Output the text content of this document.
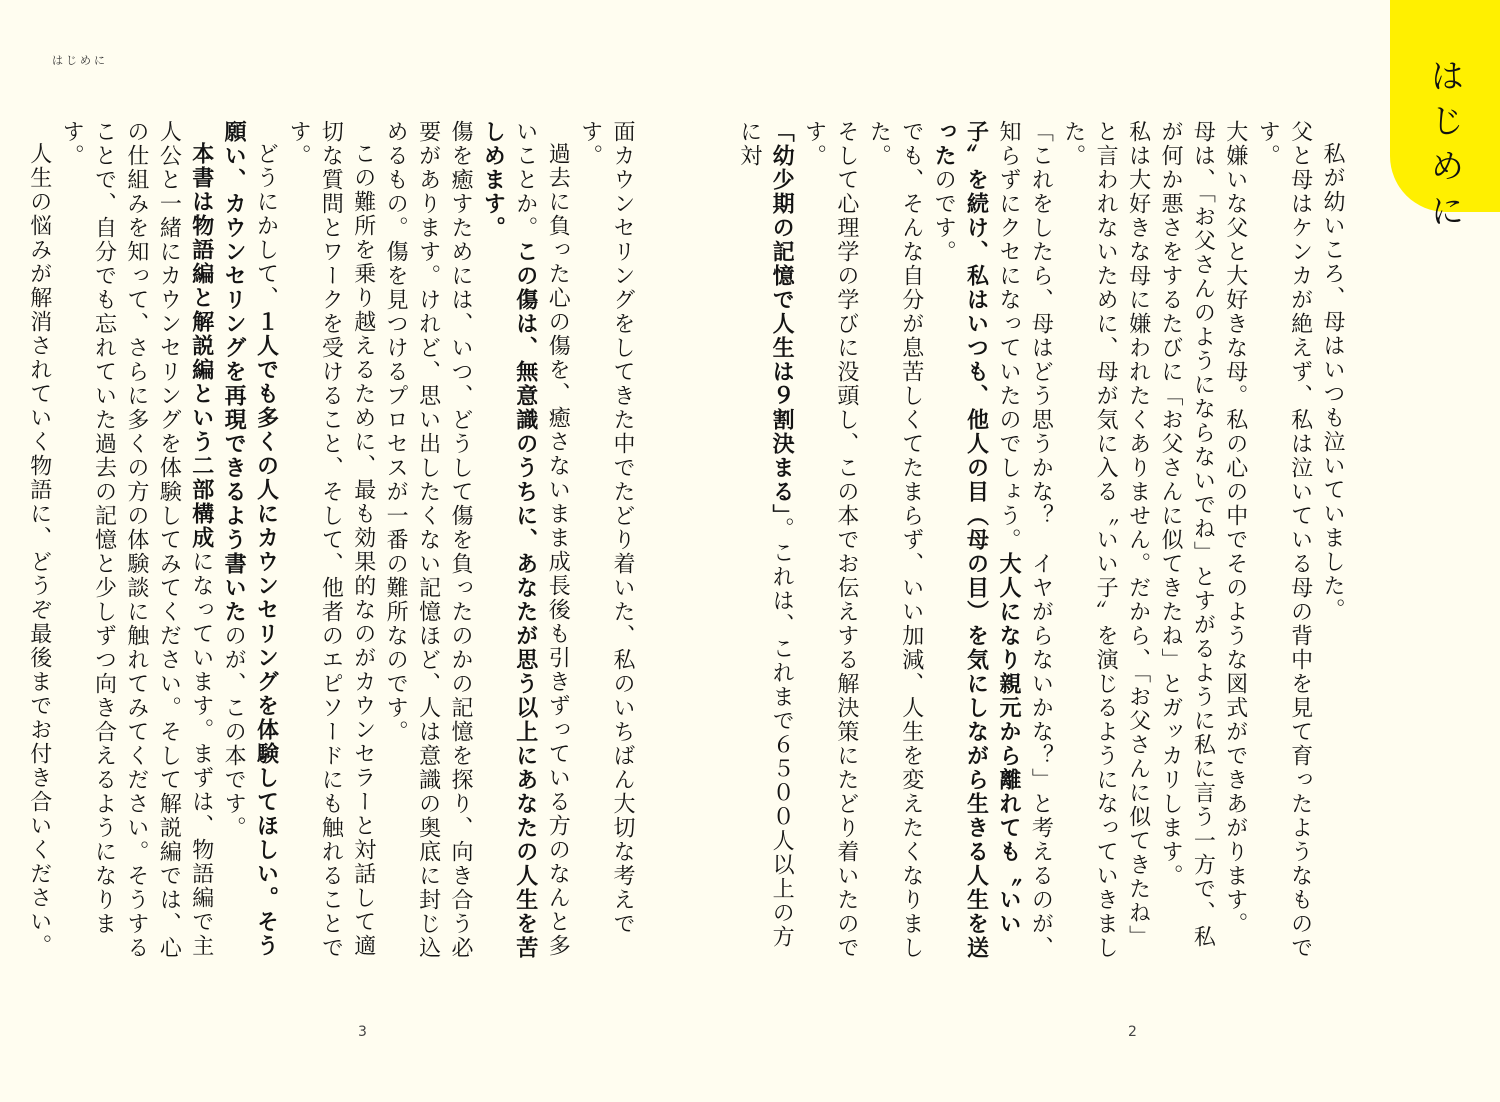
はじめに	はじめに

私が幼いころ、母はいつも泣いていました。

父と母はケンカが絶えず、私は泣いている母の背中を見て育ったようなものです。

大嫌いな父と大好きな母。私の心の中でそのような図式ができあがります。

母は、「お父さんのようにならないでね」とすがるように私に言う一方で、私が何か悪さをするたびに「お父さんに似てきたね」とガッカリします。

私は大好きな母に嫌われたくありません。だから、「お父さんに似てきたね」と言われないために、母が気に入る〝いい子〟を演じるようになっていきました。

「これをしたら、母はどう思うかな？　イヤがらないかな？」と考えるのが、知らずにクセになっていたのでしょう。大人になり親元から離れても〝いい子〟を続け、私はいつも、他人の目（母の目）を気にしながら生きる人生を送ったのです。

でも、そんな自分が息苦しくてたまらず、いい加減、人生を変えたくなりました。

そして心理学の学びに没頭し、この本でお伝えする解決策にたどり着いたのです。

「幼少期の記憶で人生は９割決まる」。これは、これまで６５００人以上の方に対

2

面カウンセリングをしてきた中でたどり着いた、私のいちばん大切な考えです。

過去に負った心の傷を、癒さないまま成長後も引きずっている方のなんと多いことか。この傷は、無意識のうちに、あなたが思う以上にあなたの人生を苦しめます。

傷を癒すためには、いつ、どうして傷を負ったのかの記憶を探り、向き合う必要があります。けれど、思い出したくない記憶ほど、人は意識の奥底に封じ込めるもの。傷を見つけるプロセスが一番の難所なのです。

この難所を乗り越えるために、最も効果的なのがカウンセラーと対話して適切な質問とワークを受けること、そして、他者のエピソードにも触れることです。

どうにかして、１人でも多くの人にカウンセリングを体験してほしい。そう願い、カウンセリングを再現できるよう書いたのが、この本です。

本書は物語編と解説編という二部構成になっています。まずは、物語編で主人公と一緒にカウンセリングを体験してみてください。そして解説編では、心の仕組みを知って、さらに多くの方の体験談に触れてみてください。そうすることで、自分でも忘れていた過去の記憶と少しずつ向き合えるようになります。

人生の悩みが解消されていく物語に、どうぞ最後までお付き合いください。

3
